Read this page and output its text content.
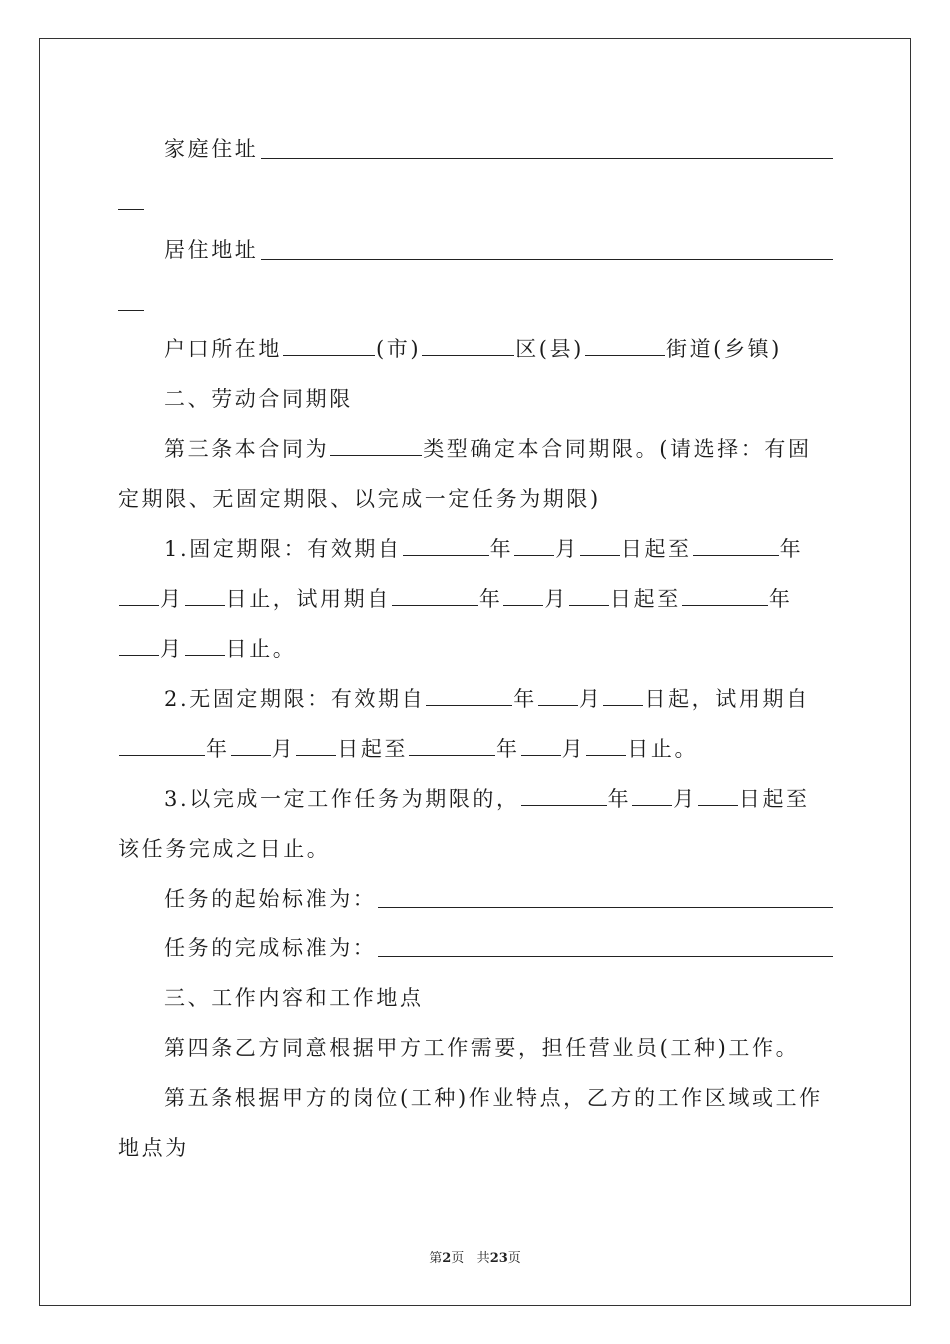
家庭住址
居住地址
户口所在地	(市)	区(县)	街道(乡镇)
二、劳动合同期限
第三条本合同为	类型确定本合同期限。(请选择：有固
定期限、无固定期限、以完成一定任务为期限)
1.固定期限：有效期自	年 月 日起至	年
月 日止，试用期自	年 月 日起至	年
月 日止。
2.无固定期限：有效期自	年 月 日起，试用期自
年 月 日起至	年 月 日止。
3.以完成一定工作任务为期限的，	年 月 日起至
该任务完成之日止。
任务的起始标准为：
任务的完成标准为：
三、工作内容和工作地点
第四条乙方同意根据甲方工作需要，担任营业员(工种)工作。
第五条根据甲方的岗位(工种)作业特点，乙方的工作区域或工作
地点为
第2页 共23页
